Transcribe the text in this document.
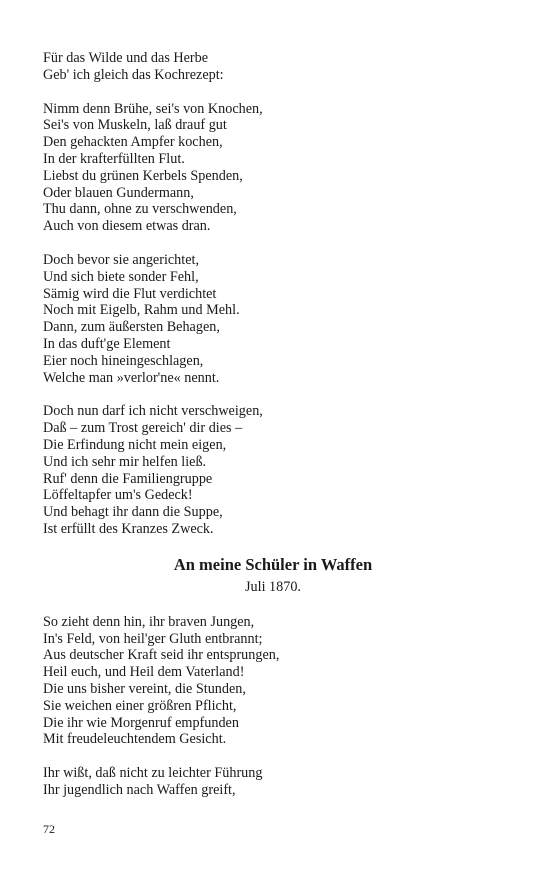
Für das Wilde und das Herbe
Geb' ich gleich das Kochrezept:
Nimm denn Brühe, sei's von Knochen,
Sei's von Muskeln, laß drauf gut
Den gehackten Ampfer kochen,
In der krafterfüllten Flut.
Liebst du grünen Kerbels Spenden,
Oder blauen Gundermann,
Thu dann, ohne zu verschwenden,
Auch von diesem etwas dran.
Doch bevor sie angerichtet,
Und sich biete sonder Fehl,
Sämig wird die Flut verdichtet
Noch mit Eigelb, Rahm und Mehl.
Dann, zum äußersten Behagen,
In das duft'ge Element
Eier noch hineingeschlagen,
Welche man »verlor'ne« nennt.
Doch nun darf ich nicht verschweigen,
Daß – zum Trost gereich' dir dies –
Die Erfindung nicht mein eigen,
Und ich sehr mir helfen ließ.
Ruf' denn die Familiengruppe
Löffeltapfer um's Gedeck!
Und behagt ihr dann die Suppe,
Ist erfüllt des Kranzes Zweck.
An meine Schüler in Waffen
Juli 1870.
So zieht denn hin, ihr braven Jungen,
In's Feld, von heil'ger Gluth entbrannt;
Aus deutscher Kraft seid ihr entsprungen,
Heil euch, und Heil dem Vaterland!
Die uns bisher vereint, die Stunden,
Sie weichen einer größren Pflicht,
Die ihr wie Morgenruf empfunden
Mit freudeleuchtendem Gesicht.
Ihr wißt, daß nicht zu leichter Führung
Ihr jugendlich nach Waffen greift,
72
